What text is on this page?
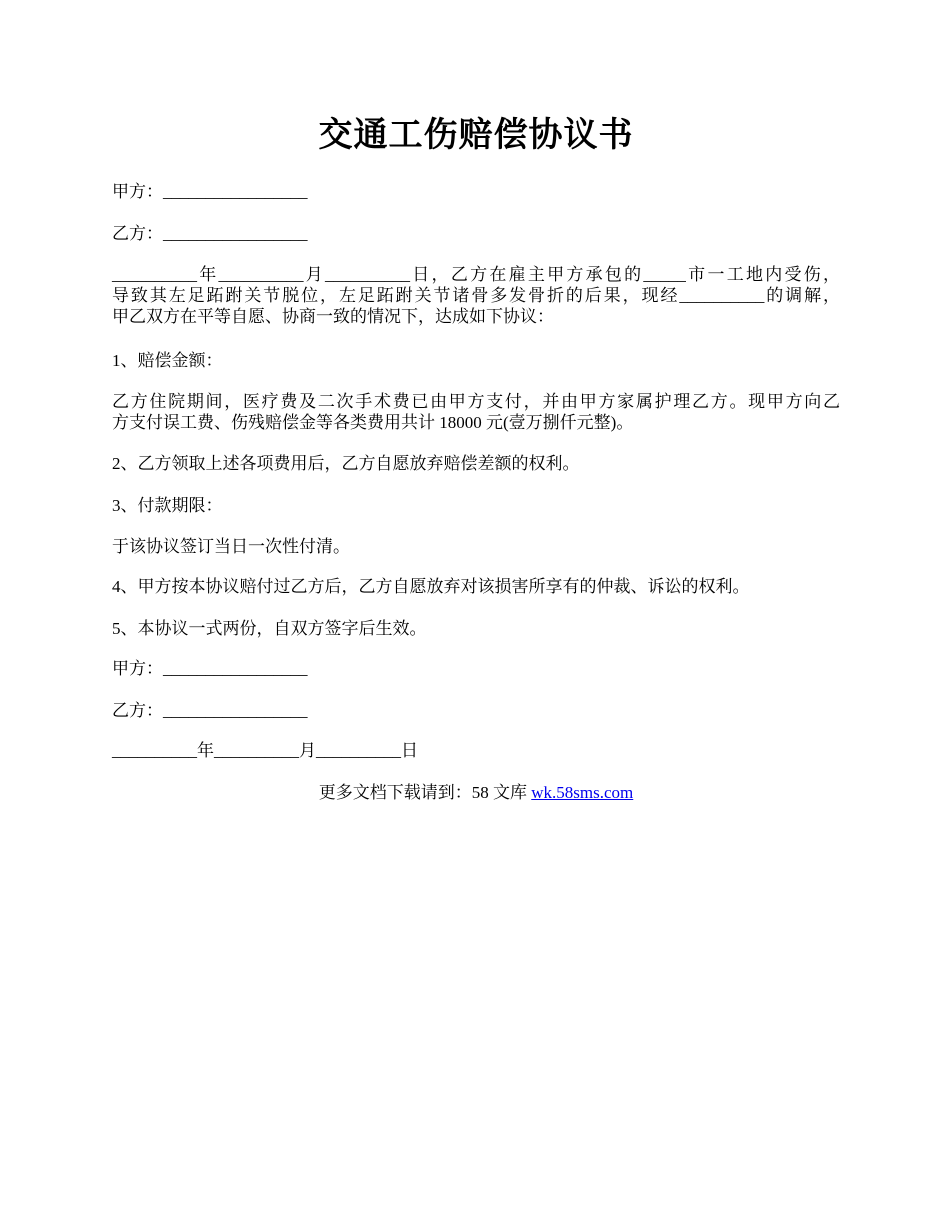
交通工伤赔偿协议书
甲方：_________________
乙方：_________________
__________年__________月__________日，乙方在雇主甲方承包的_____市一工地内受伤，
导致其左足跖跗关节脱位，左足跖跗关节诸骨多发骨折的后果，现经__________的调解，
甲乙双方在平等自愿、协商一致的情况下，达成如下协议：
1、赔偿金额：
乙方住院期间，医疗费及二次手术费已由甲方支付，并由甲方家属护理乙方。现甲方向乙
方支付误工费、伤残赔偿金等各类费用共计 18000 元(壹万捌仟元整)。
2、乙方领取上述各项费用后，乙方自愿放弃赔偿差额的权利。
3、付款期限：
于该协议签订当日一次性付清。
4、甲方按本协议赔付过乙方后，乙方自愿放弃对该损害所享有的仲裁、诉讼的权利。
5、本协议一式两份，自双方签字后生效。
甲方：_________________
乙方：_________________
__________年__________月__________日
更多文档下载请到：58 文库 wk.58sms.com
